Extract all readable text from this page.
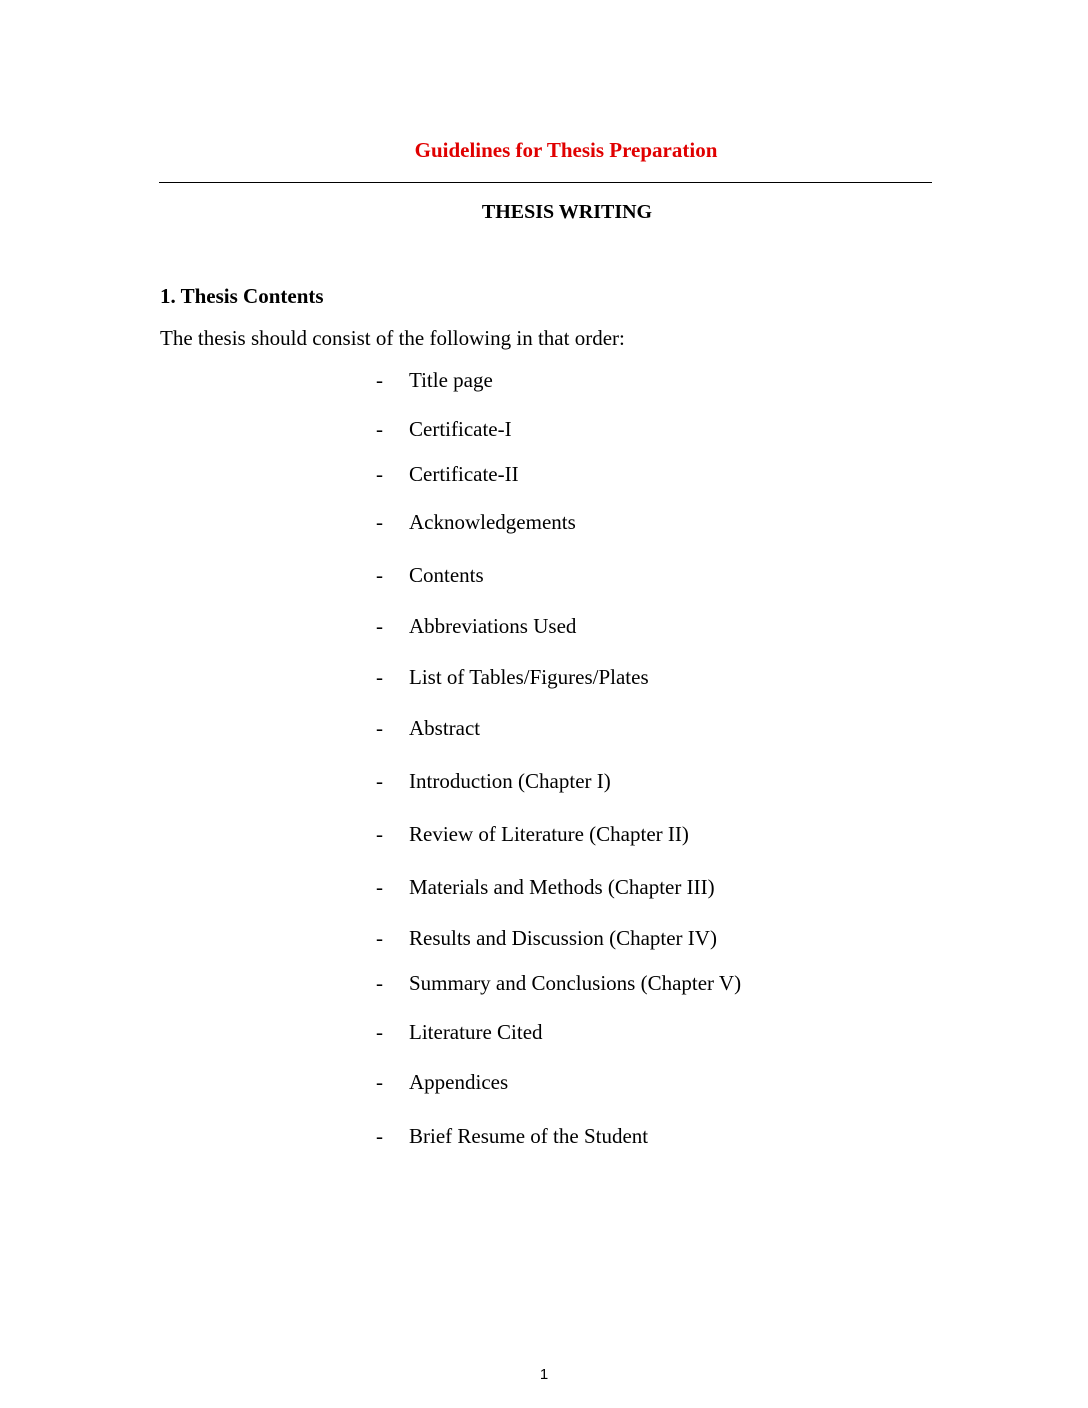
Guidelines for Thesis Preparation
THESIS WRITING
1. Thesis Contents
The thesis should consist of the following in that order:
- Title page
- Certificate-I
- Certificate-II
- Acknowledgements
- Contents
- Abbreviations Used
- List of Tables/Figures/Plates
- Abstract
- Introduction (Chapter I)
- Review of Literature (Chapter II)
- Materials and Methods (Chapter III)
- Results and Discussion (Chapter IV)
- Summary and Conclusions (Chapter V)
- Literature Cited
- Appendices
- Brief Resume of the Student
1
